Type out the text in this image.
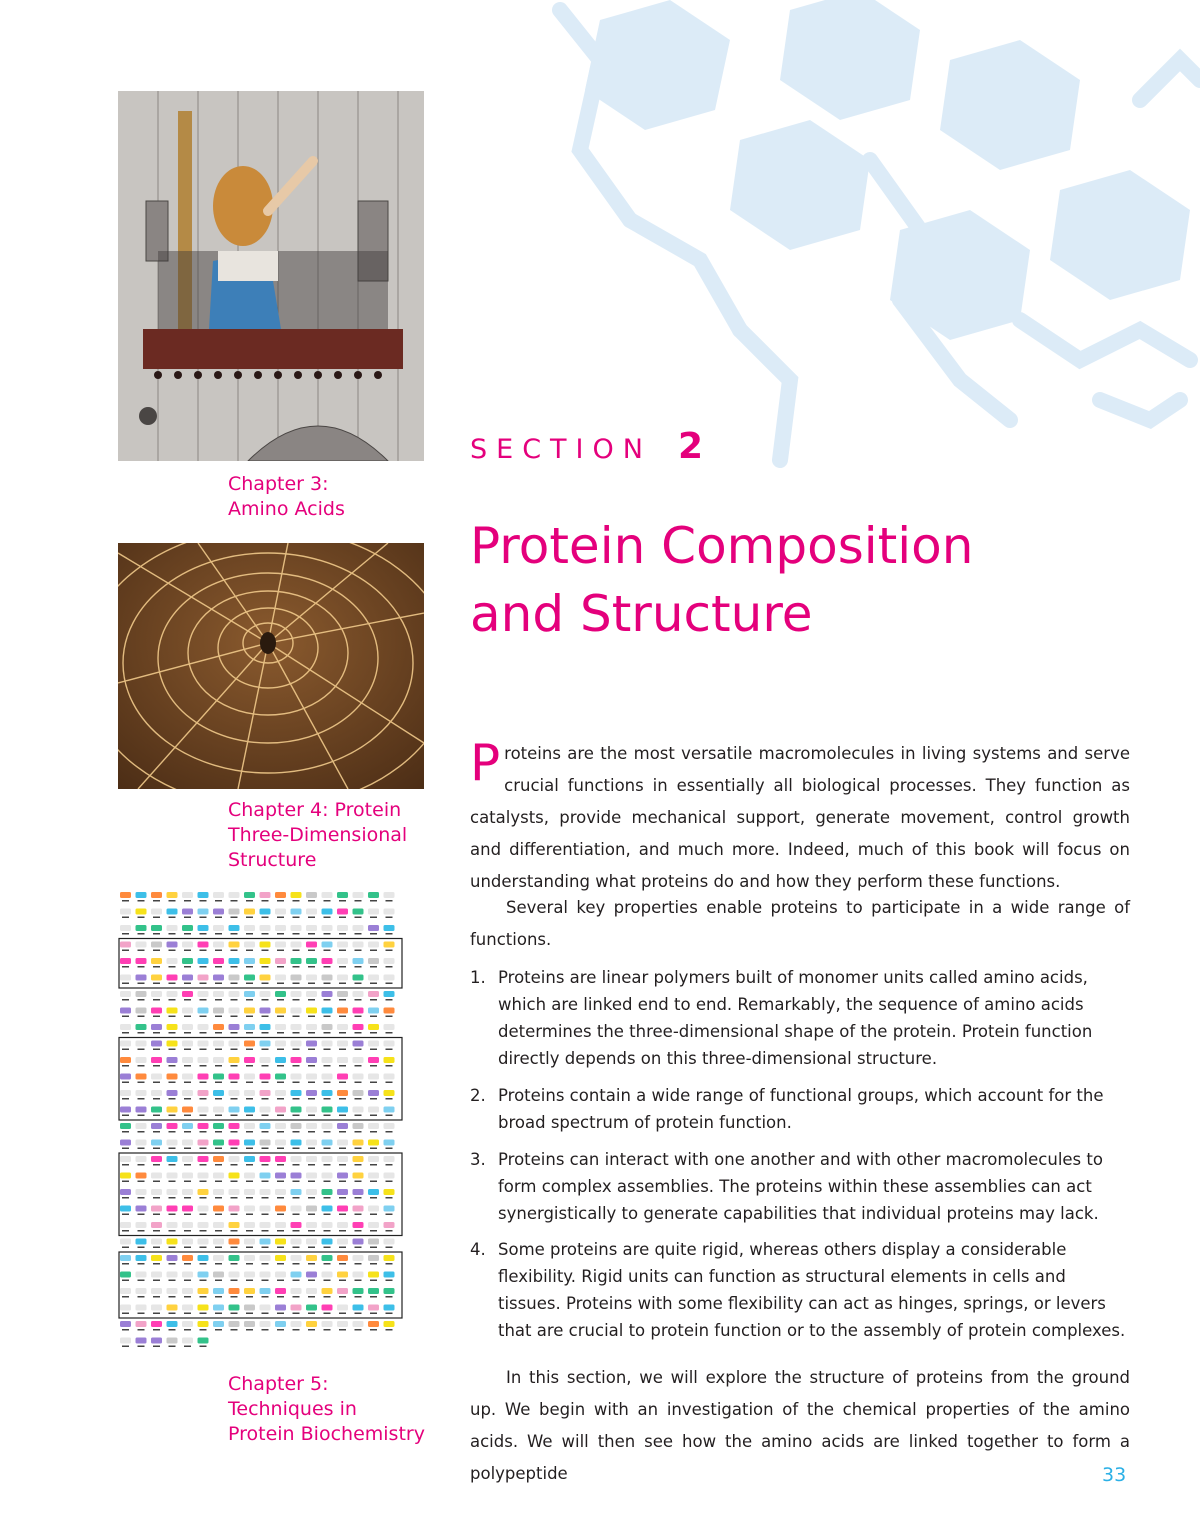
Chapter 3:
Amino Acids
Chapter 4: Protein
Three-Dimensional
Structure
Chapter 5:
Techniques in
Protein Biochemistry
SECTION 2
Protein Composition
and Structure
Proteins are the most versatile macromolecules in living systems and serve crucial functions in essentially all biological processes. They function as catalysts, provide mechanical support, generate movement, control growth and differentiation, and much more. Indeed, much of this book will focus on understanding what proteins do and how they perform these functions.
Several key properties enable proteins to participate in a wide range of functions.
1. Proteins are linear polymers built of monomer units called amino acids, which are linked end to end. Remarkably, the sequence of amino acids determines the three-dimensional shape of the protein. Protein function directly depends on this three-dimensional structure.
2. Proteins contain a wide range of functional groups, which account for the broad spectrum of protein function.
3. Proteins can interact with one another and with other macromolecules to form complex assemblies. The proteins within these assemblies can act synergistically to generate capabilities that individual proteins may lack.
4. Some proteins are quite rigid, whereas others display a considerable flexibility. Rigid units can function as structural elements in cells and tissues. Proteins with some flexibility can act as hinges, springs, or levers that are crucial to protein function or to the assembly of protein complexes.
In this section, we will explore the structure of proteins from the ground up. We begin with an investigation of the chemical properties of the amino acids. We will then see how the amino acids are linked together to form a polypeptide	33
